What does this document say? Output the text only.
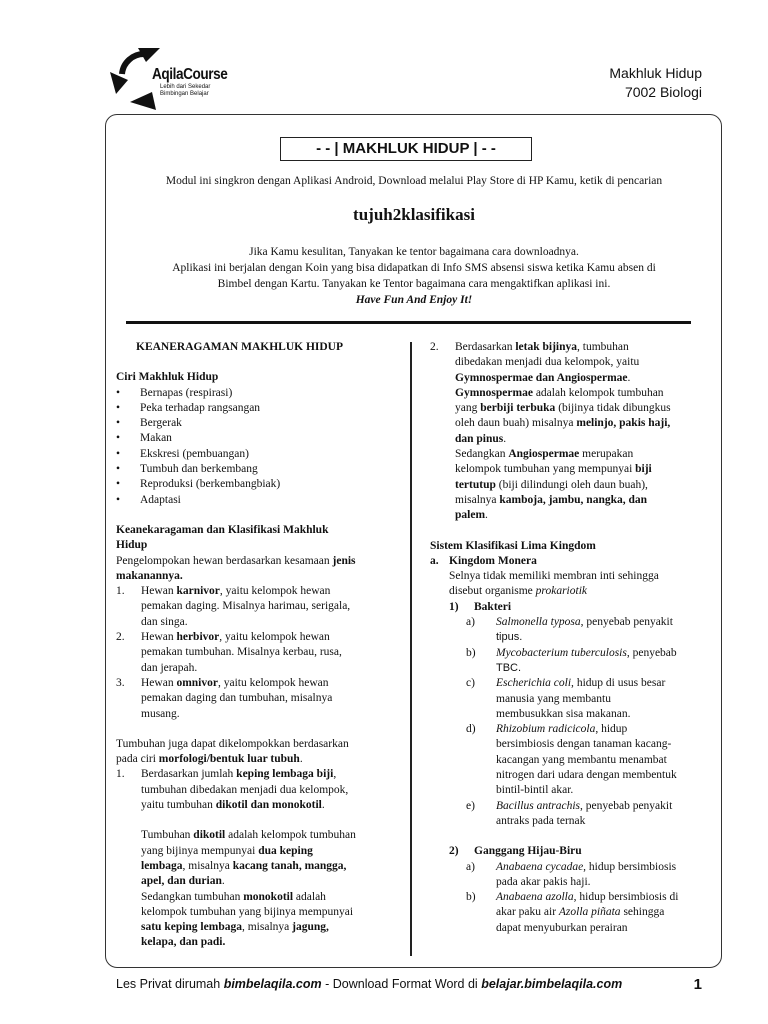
AqilaCourse
Lebih dari Sekedar
Bimbingan Belajar
Makhluk Hidup
7002 Biologi
- - | MAKHLUK HIDUP | - -
Modul ini singkron dengan Aplikasi Android, Download melalui Play Store di HP Kamu, ketik di pencarian
tujuh2klasifikasi
Jika Kamu kesulitan, Tanyakan ke tentor bagaimana cara downloadnya.
Aplikasi ini berjalan dengan Koin yang bisa didapatkan di Info SMS absensi siswa ketika Kamu absen di
Bimbel dengan Kartu. Tanyakan ke Tentor bagaimana cara mengaktifkan aplikasi ini.
Have Fun And Enjoy It!

KEANERAGAMAN MAKHLUK HIDUP

Ciri Makhluk Hidup

•	Bernapas (respirasi)
•	Peka terhadap rangsangan
•	Bergerak
•	Makan
•	Ekskresi (pembuangan)
•	Tumbuh dan berkembang
•	Reproduksi (berkembangbiak)
•	Adaptasi

Keanekaragaman dan Klasifikasi Makhluk

Hidup

Pengelompokan hewan berdasarkan kesamaan jenis

makanannya.

1.	Hewan karnivor, yaitu kelompok hewan

pemakan daging. Misalnya harimau, serigala,

dan singa.

2.	Hewan herbivor, yaitu kelompok hewan

pemakan tumbuhan. Misalnya kerbau, rusa,

dan jerapah.

3.	Hewan omnivor, yaitu kelompok hewan

pemakan daging dan tumbuhan, misalnya

musang.

Tumbuhan juga dapat dikelompokkan berdasarkan

pada ciri morfologi/bentuk luar tubuh.

1.	Berdasarkan jumlah keping lembaga biji,

tumbuhan dibedakan menjadi dua kelompok,

yaitu tumbuhan dikotil dan monokotil.

Tumbuhan dikotil adalah kelompok tumbuhan

yang bijinya mempunyai dua keping

lembaga, misalnya kacang tanah, mangga,

apel, dan durian.

Sedangkan tumbuhan monokotil adalah

kelompok tumbuhan yang bijinya mempunyai

satu keping lembaga, misalnya jagung,

kelapa, dan padi.

2.	Berdasarkan letak bijinya, tumbuhan

dibedakan menjadi dua kelompok, yaitu

Gymnospermae dan Angiospermae.

Gymnospermae adalah kelompok tumbuhan

yang berbiji terbuka (bijinya tidak dibungkus

oleh daun buah) misalnya melinjo, pakis haji,

dan pinus.

Sedangkan Angiospermae merupakan

kelompok tumbuhan yang mempunyai biji

tertutup (biji dilindungi oleh daun buah),

misalnya kamboja, jambu, nangka, dan

palem.

Sistem Klasifikasi Lima Kingdom

a. Kingdom Monera

Selnya tidak memiliki membran inti sehingga

disebut organisme prokariotik

1)	Bakteri
a)	Salmonella typosa, penyebab penyakit

tipus.

b)	Mycobacterium tuberculosis, penyebab

TBC.

c)	Escherichia coli, hidup di usus besar

manusia yang membantu

membusukkan sisa makanan.

d)	Rhizobium radicicola, hidup

bersimbiosis dengan tanaman kacang-

kacangan yang membantu menambat

nitrogen dari udara dengan membentuk

bintil-bintil akar.

e)	Bacillus antrachis, penyebab penyakit

antraks pada ternak

2)	Ganggang Hijau-Biru
a)	Anabaena cycadae, hidup bersimbiosis

pada akar pakis haji.

b)	Anabaena azolla, hidup bersimbiosis di

akar paku air Azolla piñata sehingga

dapat menyuburkan perairan

Les Privat dirumah bimbelaqila.com - Download Format Word di belajar.bimbelaqila.com	1
